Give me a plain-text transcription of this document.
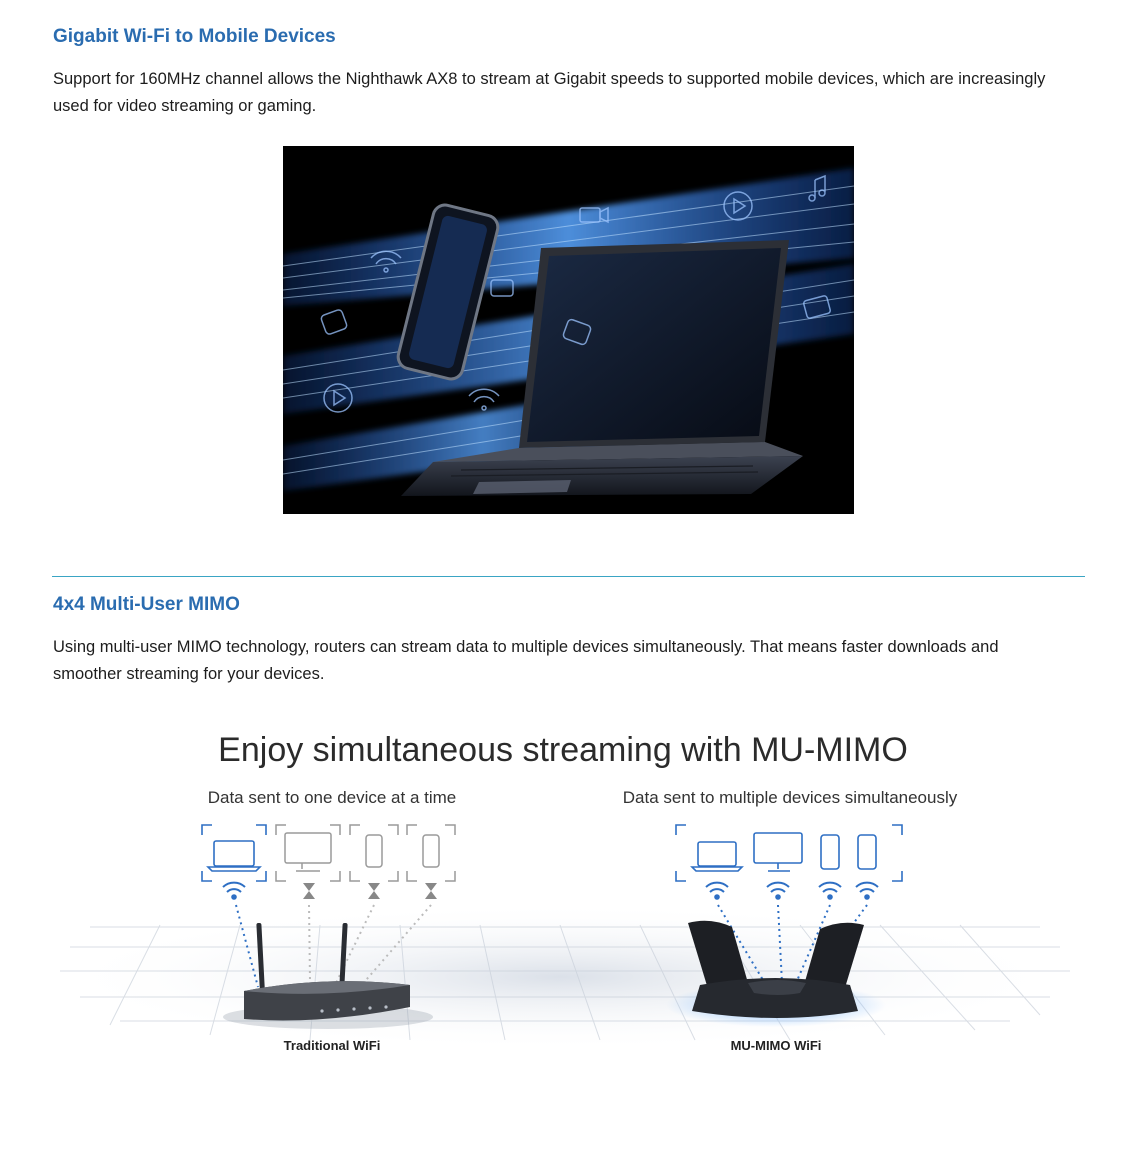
Gigabit Wi-Fi to Mobile Devices

Support for 160MHz channel allows the Nighthawk AX8 to stream at Gigabit speeds to supported mobile devices, which are increasingly used for video streaming or gaming.

4x4 Multi-User MIMO

Using multi-user MIMO technology, routers can stream data to multiple devices simultaneously. That means faster downloads and smoother streaming for your devices.

Enjoy simultaneous streaming with MU-MIMO
Data sent to one device at a time	Data sent to multiple devices simultaneously
Traditional WiFi	MU-MIMO WiFi
